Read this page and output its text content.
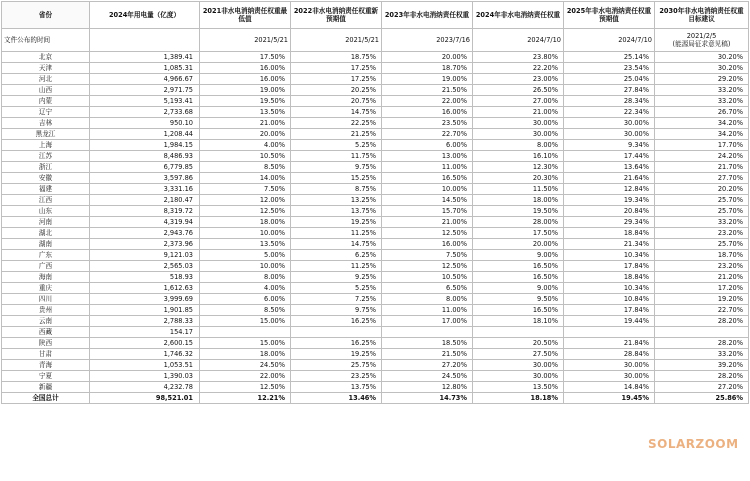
省份	2024年用电量（亿度）	2021非水电消纳责任权重最低值	2022非水电消纳责任权重新预期值	2023年非水电消纳责任权重	2024年非水电消纳责任权重	2025年非水电消纳责任权重预期值	2030年非水电消纳责任权重目标建议
文件公布的时间		2021/5/21	2021/5/21	2023/7/16	2024/7/10	2024/7/10	2021/2/5
(能源局征求意见稿)
北京	1,389.41	17.50%	18.75%	20.00%	23.80%	25.14%	30.20%
天津	1,085.31	16.00%	17.25%	18.70%	22.20%	23.54%	30.20%
河北	4,966.67	16.00%	17.25%	19.00%	23.00%	25.04%	29.20%
山西	2,971.75	19.00%	20.25%	21.50%	26.50%	27.84%	33.20%
内蒙	5,193.41	19.50%	20.75%	22.00%	27.00%	28.34%	33.20%
辽宁	2,733.68	13.50%	14.75%	16.00%	21.00%	22.34%	26.70%
吉林	950.10	21.00%	22.25%	23.50%	30.00%	30.00%	34.20%
黑龙江	1,208.44	20.00%	21.25%	22.70%	30.00%	30.00%	34.20%
上海	1,984.15	4.00%	5.25%	6.00%	8.00%	9.34%	17.70%
江苏	8,486.93	10.50%	11.75%	13.00%	16.10%	17.44%	24.20%
浙江	6,779.85	8.50%	9.75%	11.00%	12.30%	13.64%	21.70%
安徽	3,597.86	14.00%	15.25%	16.50%	20.30%	21.64%	27.70%
福建	3,331.16	7.50%	8.75%	10.00%	11.50%	12.84%	20.20%
江西	2,180.47	12.00%	13.25%	14.50%	18.00%	19.34%	25.70%
山东	8,319.72	12.50%	13.75%	15.70%	19.50%	20.84%	25.70%
河南	4,319.94	18.00%	19.25%	21.00%	28.00%	29.34%	33.20%
湖北	2,943.76	10.00%	11.25%	12.50%	17.50%	18.84%	23.20%
湖南	2,373.96	13.50%	14.75%	16.00%	20.00%	21.34%	25.70%
广东	9,121.03	5.00%	6.25%	7.50%	9.00%	10.34%	18.70%
广西	2,565.03	10.00%	11.25%	12.50%	16.50%	17.84%	23.20%
海南	518.93	8.00%	9.25%	10.50%	16.50%	18.84%	21.20%
重庆	1,612.63	4.00%	5.25%	6.50%	9.00%	10.34%	17.20%
四川	3,999.69	6.00%	7.25%	8.00%	9.50%	10.84%	19.20%
贵州	1,901.85	8.50%	9.75%	11.00%	16.50%	17.84%	22.70%
云南	2,788.33	15.00%	16.25%	17.00%	18.10%	19.44%	28.20%
西藏	154.17						
陕西	2,600.15	15.00%	16.25%	18.50%	20.50%	21.84%	28.20%
甘肃	1,746.32	18.00%	19.25%	21.50%	27.50%	28.84%	33.20%
青海	1,053.51	24.50%	25.75%	27.20%	30.00%	30.00%	39.20%
宁夏	1,390.03	22.00%	23.25%	24.50%	30.00%	30.00%	28.20%
新疆	4,232.78	12.50%	13.75%	12.80%	13.50%	14.84%	27.20%
全国总计	98,521.01	12.21%	13.46%	14.73%	18.18%	19.45%	25.86%
SOLARZOOM
